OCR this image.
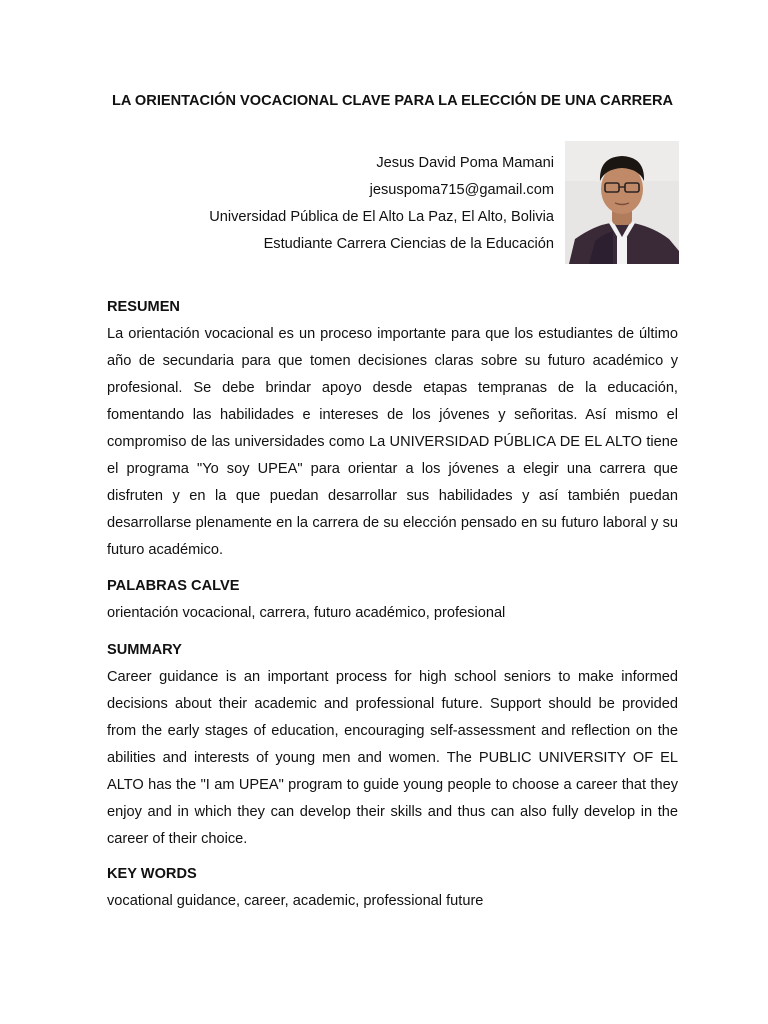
LA ORIENTACIÓN VOCACIONAL CLAVE PARA LA ELECCIÓN DE UNA CARRERA
Jesus David Poma Mamani
jesuspoma715@gamail.com
Universidad Pública de El Alto La Paz, El Alto, Bolivia
Estudiante Carrera Ciencias de la Educación
RESUMEN

La orientación vocacional es un proceso importante para que los estudiantes de último año de secundaria para que tomen decisiones claras sobre su futuro académico y profesional. Se debe brindar apoyo desde etapas tempranas de la educación, fomentando las habilidades e intereses de los jóvenes y señoritas. Así mismo el compromiso de las universidades como La UNIVERSIDAD PÚBLICA DE EL ALTO tiene el programa "Yo soy UPEA" para orientar a los jóvenes a elegir una carrera que disfruten y en la que puedan desarrollar sus habilidades y así también puedan desarrollarse plenamente en la carrera de su elección pensado en su futuro laboral y su futuro académico.

PALABRAS CALVE

orientación vocacional, carrera, futuro académico, profesional

SUMMARY

Career guidance is an important process for high school seniors to make informed decisions about their academic and professional future. Support should be provided from the early stages of education, encouraging self-assessment and reflection on the abilities and interests of young men and women. The PUBLIC UNIVERSITY OF EL ALTO has the "I am UPEA" program to guide young people to choose a career that they enjoy and in which they can develop their skills and thus can also fully develop in the career of their choice.

KEY WORDS

vocational guidance, career, academic, professional future
